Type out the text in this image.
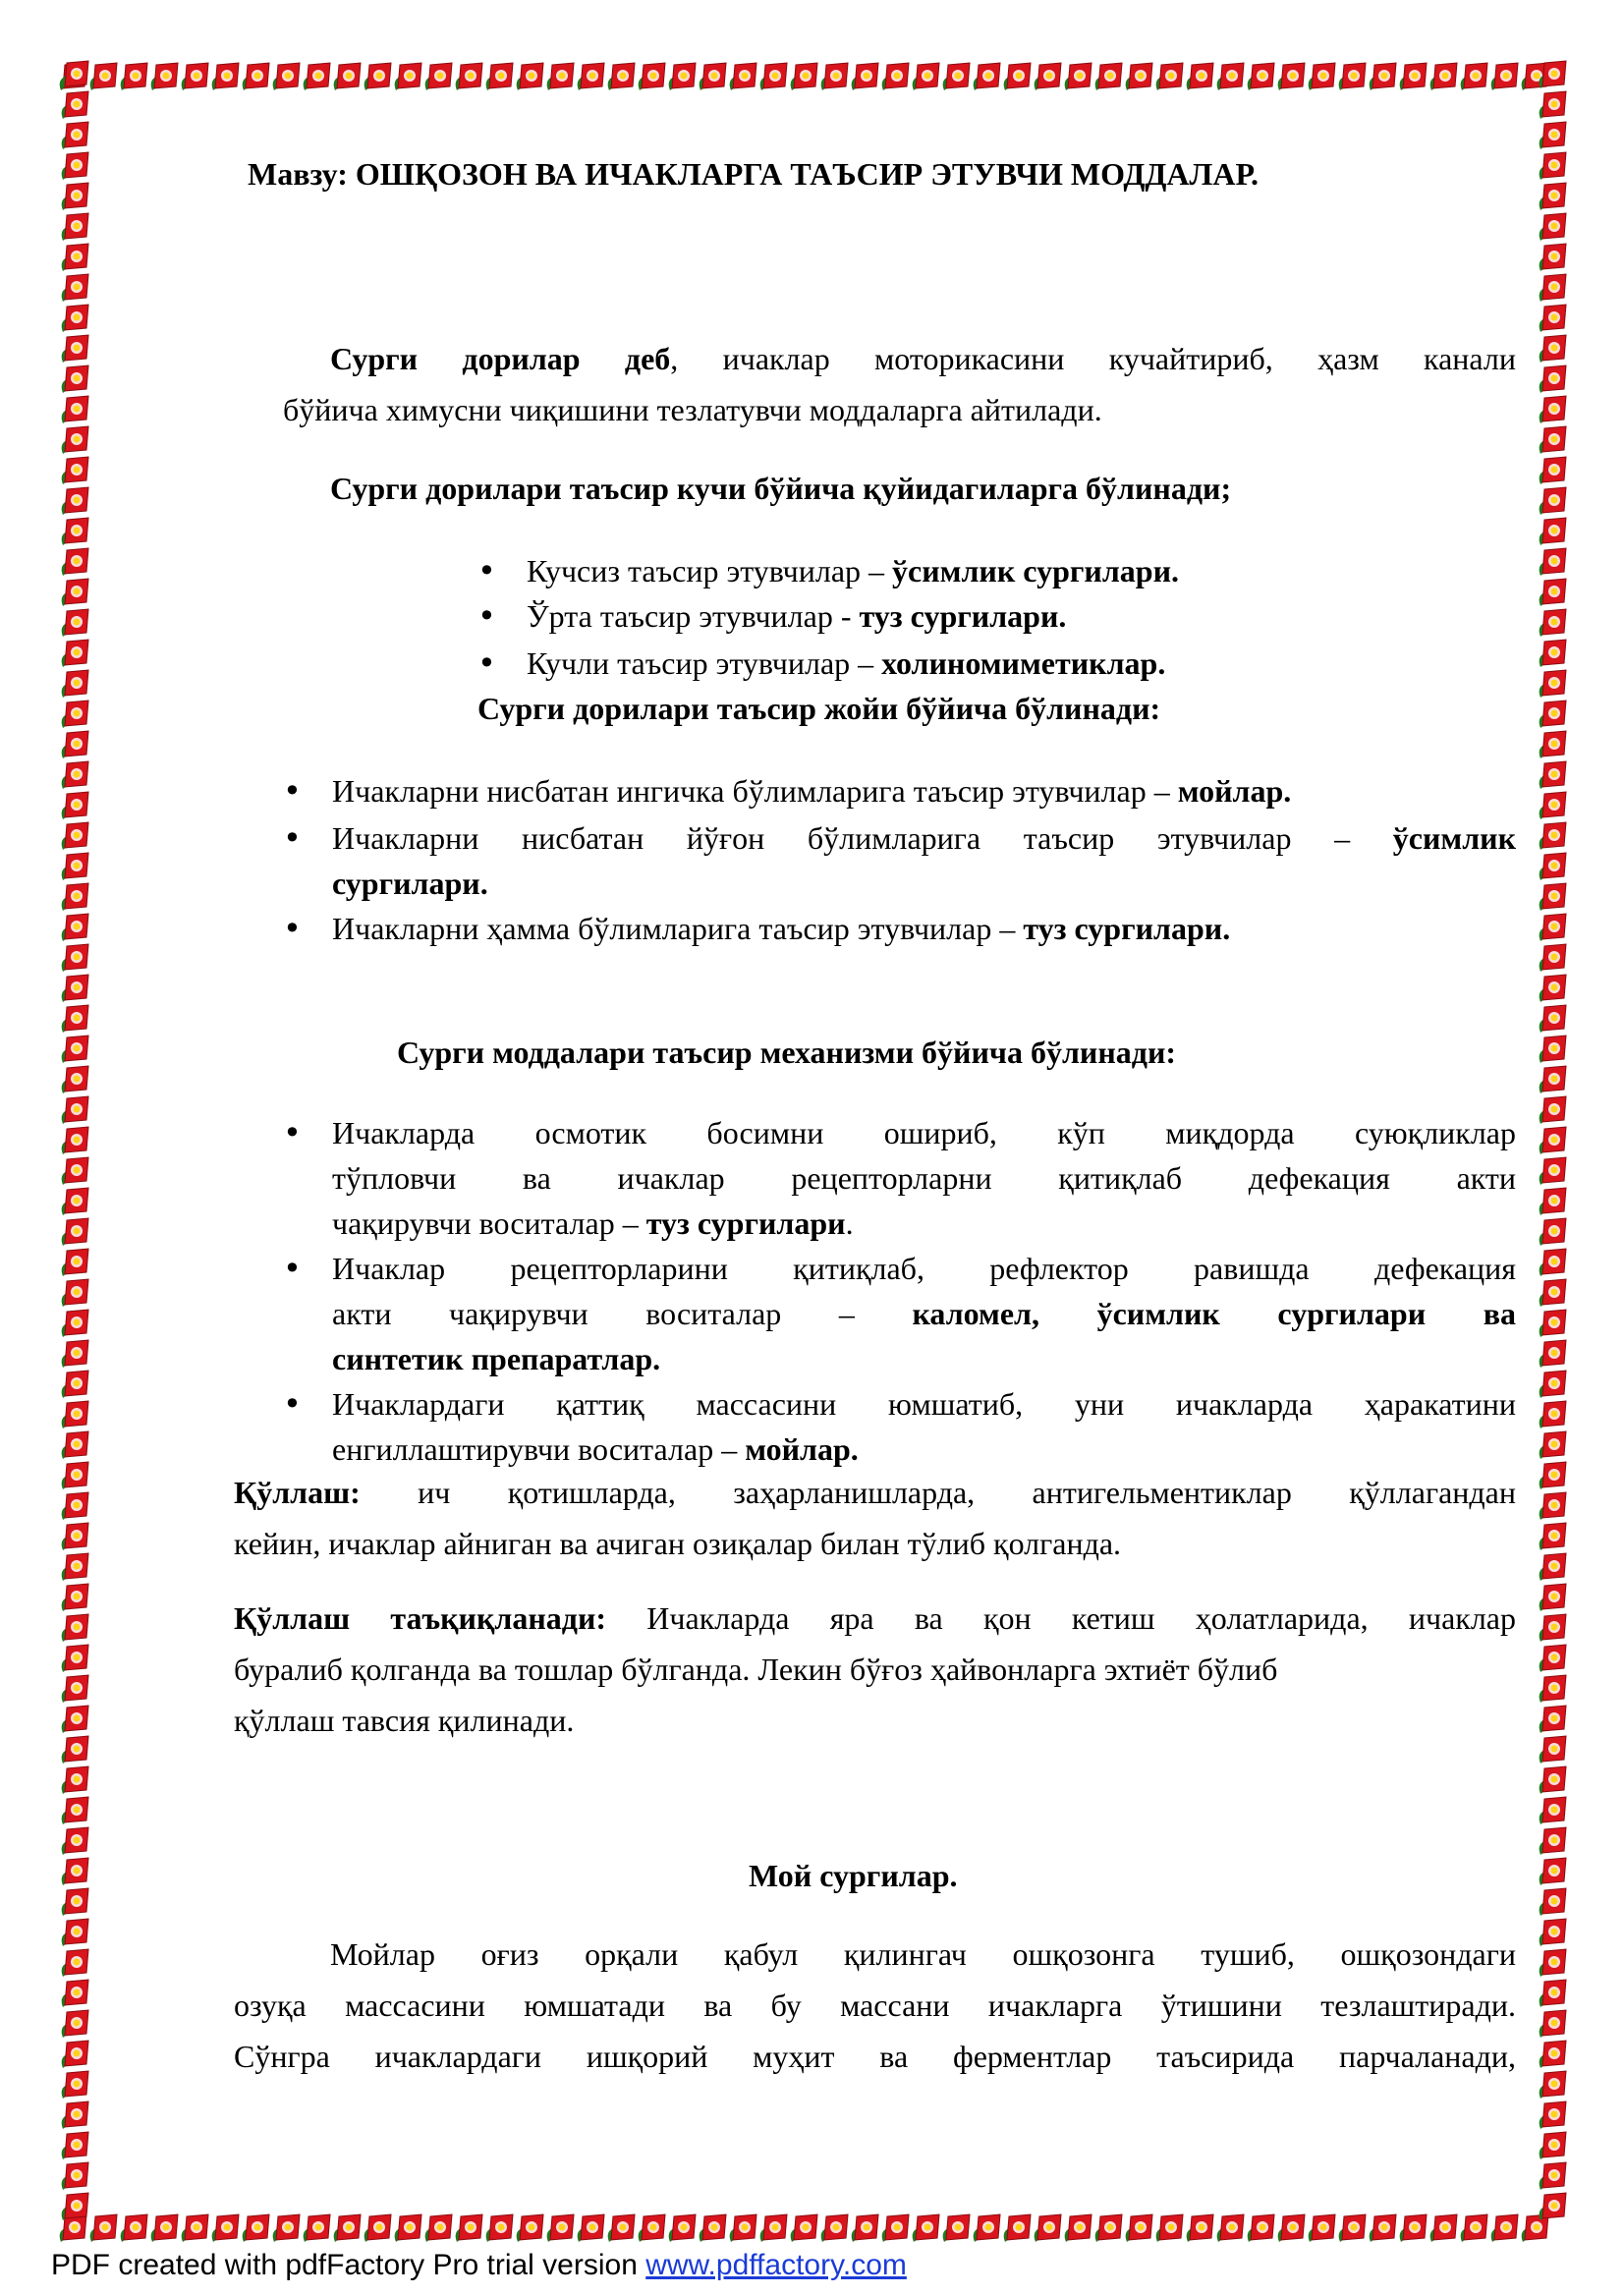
Мавзу: ОШҚОЗОН ВА ИЧАКЛАРГА ТАЪСИР ЭТУВЧИ МОДДАЛАР.
Сурги дорилар деб, ичаклар моторикасини кучайтириб, ҳазм канали
бўйича химусни чиқишини тезлатувчи моддаларга айтилади.
Сурги дорилари таъсир кучи бўйича қуйидагиларга бўлинади;
• Кучсиз таъсир этувчилар – ўсимлик сургилари.
• Ўрта таъсир этувчилар - туз сургилари.
• Кучли таъсир этувчилар – холиномиметиклар.
Сурги дорилари таъсир жойи бўйича бўлинади:
• Ичакларни нисбатан ингичка бўлимларига таъсир этувчилар – мойлар.
• Ичакларни нисбатан йўғон бўлимларига таъсир этувчилар – ўсимлик
сургилари.
• Ичакларни ҳамма бўлимларига таъсир этувчилар – туз сургилари.
Сурги моддалари таъсир механизми бўйича бўлинади:
• Ичакларда осмотик босимни ошириб, кўп миқдорда суюқликлар
тўпловчи ва ичаклар рецепторларни қитиқлаб дефекация акти
чақирувчи воситалар – туз сургилари.
• Ичаклар рецепторларини қитиқлаб, рефлектор равишда дефекация
акти чақирувчи воситалар – каломел, ўсимлик сургилари ва
синтетик препаратлар.
• Ичаклардаги қаттиқ массасини юмшатиб, уни ичакларда ҳаракатини
енгиллаштирувчи воситалар – мойлар.
Қўллаш: ич қотишларда, заҳарланишларда, антигельментиклар қўллагандан
кейин, ичаклар айниган ва ачиган озиқалар билан тўлиб қолганда.
Қўллаш таъқиқланади: Ичакларда яра ва қон кетиш ҳолатларида, ичаклар
буралиб қолганда ва тошлар бўлганда. Лекин бўғоз ҳайвонларга эхтиёт бўлиб
қўллаш тавсия қилинади.
Мой сургилар.
Мойлар оғиз орқали қабул қилингач ошқозонга тушиб, ошқозондаги
озуқа массасини юмшатади ва бу массани ичакларга ўтишини тезлаштиради.
Сўнгра ичаклардаги ишқорий муҳит ва ферментлар таъсирида парчаланади,
PDF created with pdfFactory Pro trial version www.pdffactory.com
